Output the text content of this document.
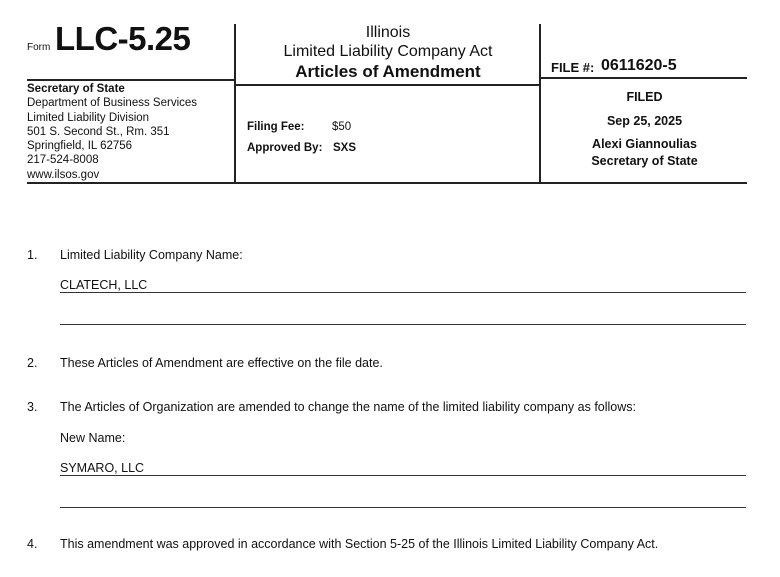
Form LLC-5.25	Illinois
Limited Liability Company Act
Articles of Amendment	FILE #: 0611620-5
Secretary of State
Department of Business Services
Limited Liability Division
501 S. Second St., Rm. 351
Springfield, IL 62756
217-524-8008
www.ilsos.gov
Filing Fee: $50
Approved By: SXS
FILED
Sep 25, 2025
Alexi Giannoulias
Secretary of State
1. Limited Liability Company Name:
CLATECH, LLC
2. These Articles of Amendment are effective on the file date.
3. The Articles of Organization are amended to change the name of the limited liability company as follows:
New Name:
SYMARO, LLC
4. This amendment was approved in accordance with Section 5-25 of the Illinois Limited Liability Company Act.
